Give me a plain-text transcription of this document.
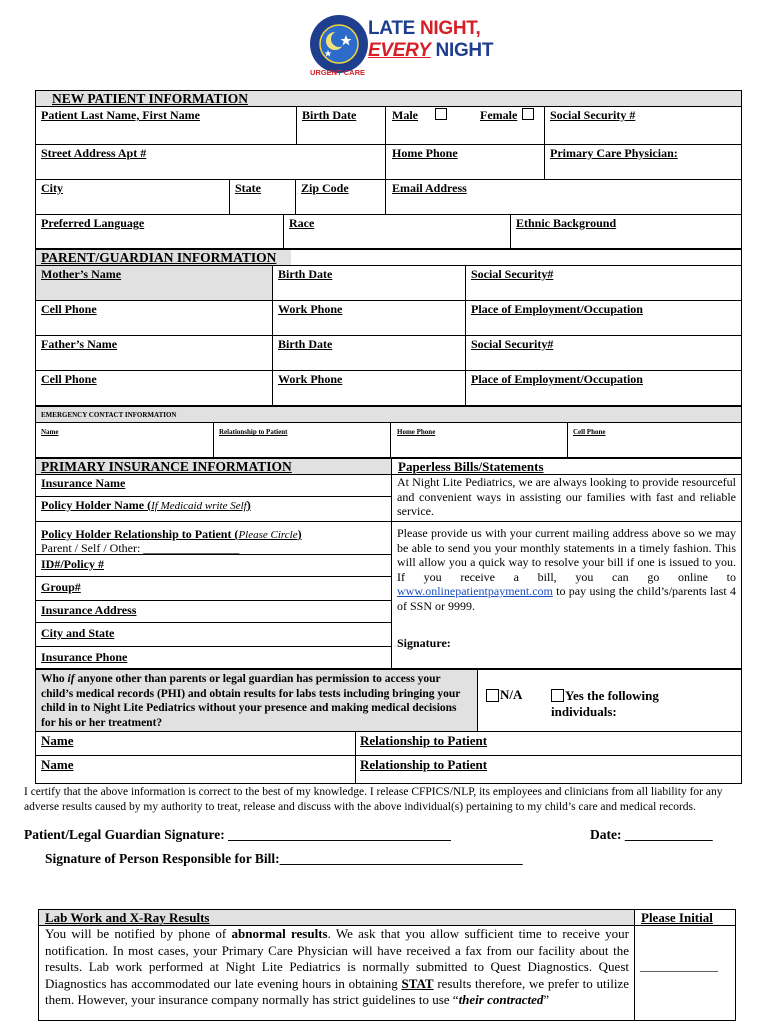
URGENT CARE
LATE NIGHT,
EVERY NIGHT
NEW PATIENT INFORMATION
Patient Last Name, First Name	Birth Date	Male	Female	Social Security #
Street Address Apt #	Home Phone	Primary Care Physician:
City	State	Zip Code	Email Address
Preferred Language	Race	Ethnic Background
PARENT/GUARDIAN INFORMATION
Mother’s Name	Birth Date	Social Security#
Cell Phone	Work Phone	Place of Employment/Occupation
Father’s Name	Birth Date	Social Security#
Cell Phone	Work Phone	Place of Employment/Occupation
EMERGENCY CONTACT INFORMATION
Name	Relationship to Patient	Home Phone	Cell Phone
PRIMARY INSURANCE INFORMATION
Insurance Name
Policy Holder Name (If Medicaid write Self)
Policy Holder Relationship to Patient (Please Circle)
Parent / Self / Other: ________________
ID#/Policy #
Group#
Insurance Address
City and State
Insurance Phone
Paperless Bills/Statements
At Night Lite Pediatrics, we are always looking to provide resourceful and convenient ways in assisting our families with fast and reliable service.
Please provide us with your current mailing address above so we may be able to send you your monthly statements in a timely fashion. This will allow you a quick way to resolve your bill if one is issued to you. If you receive a bill, you can go online to www.onlinepatientpayment.com to pay using the child’s/parents last 4 of SSN or 9999.
Signature:
Who if anyone other than parents or legal guardian has permission to access your child’s medical records (PHI) and obtain results for labs tests including bringing your child in to Night Lite Pediatrics without your presence and making medical decisions for his or her treatment?
N/A	Yes the following individuals:
Name	Relationship to Patient
Name	Relationship to Patient
I certify that the above information is correct to the best of my knowledge. I release CFPICS/NLP, its employees and clinicians from all liability for any adverse results caused by my authority to treat, release and discuss with the above individual(s) pertaining to my child’s care and medical records.
Patient/Legal Guardian Signature: _________________________________	Date: _____________
Signature of Person Responsible for Bill:____________________________________
Lab Work and X-Ray Results	Please Initial
You will be notified by phone of abnormal results. We ask that you allow sufficient time to receive your notification. In most cases, your Primary Care Physician will have received a fax from our facility about the results. Lab work performed at Night Lite Pediatrics is normally submitted to Quest Diagnostics. Quest Diagnostics has accommodated our late evening hours in obtaining STAT results therefore, we prefer to utilize them. However, your insurance company normally has strict guidelines to use “their contracted”
____________
